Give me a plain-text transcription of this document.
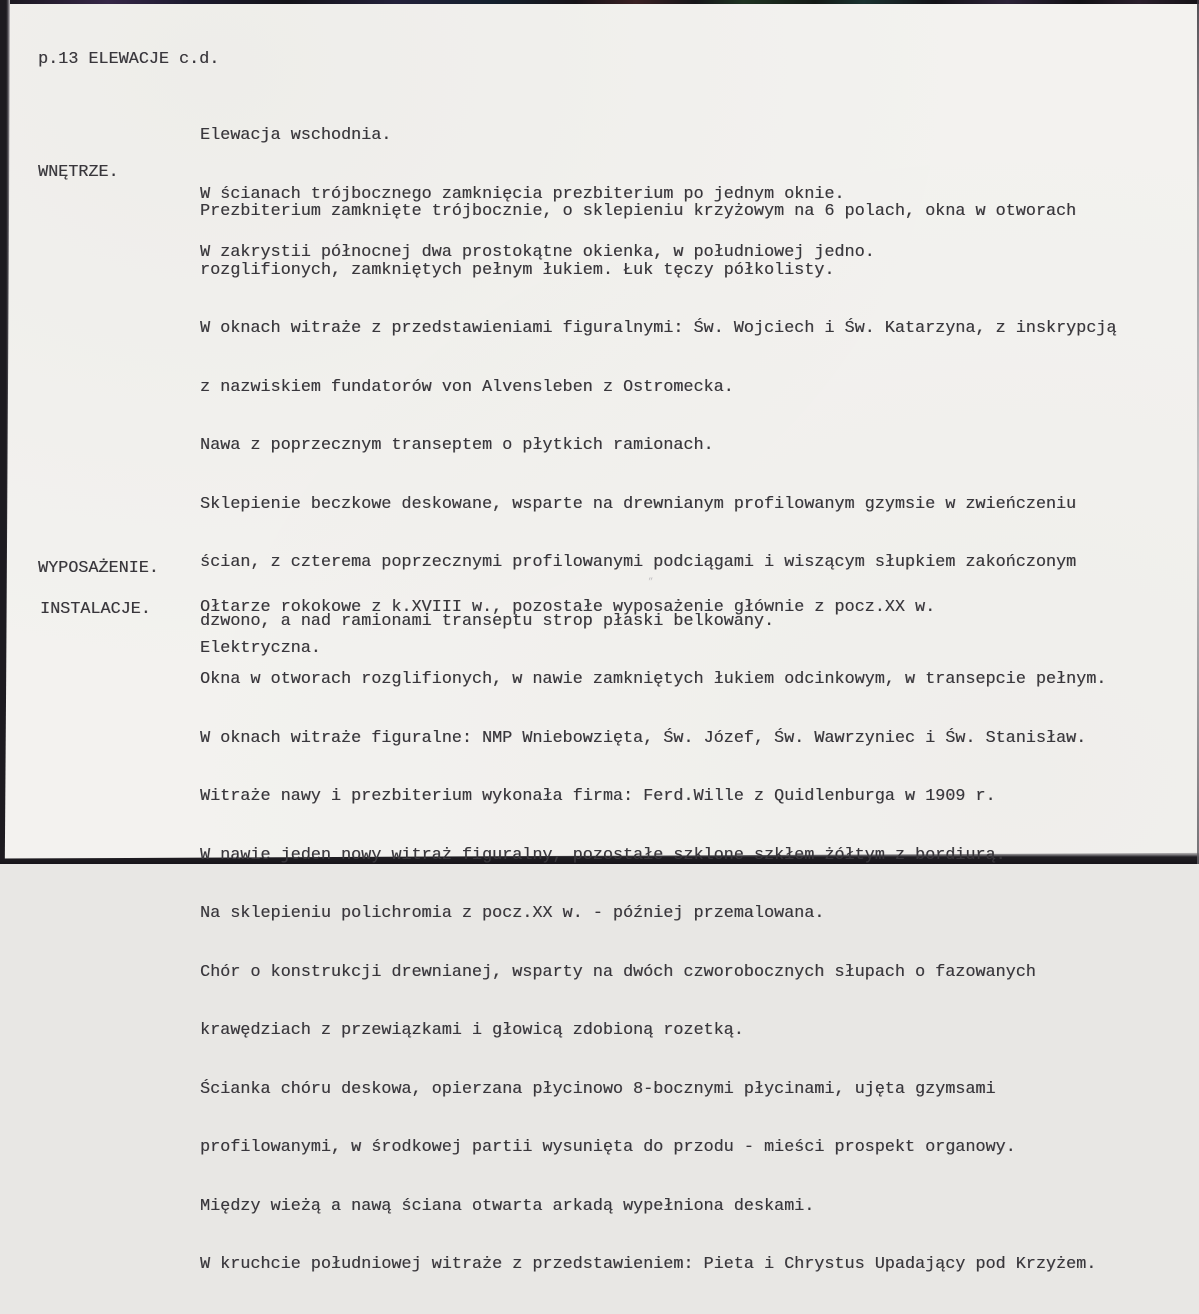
p.13 ELEWACJE c.d.

Elewacja wschodnia.

W ścianach trójbocznego zamknięcia prezbiterium po jednym oknie.

W zakrystii północnej dwa prostokątne okienka, w południowej jedno.

WNĘTRZE.

Prezbiterium zamknięte trójbocznie, o sklepieniu krzyżowym na 6 polach, okna w otworach

rozglifionych, zamkniętych pełnym łukiem. Łuk tęczy półkolisty.

W oknach witraże z przedstawieniami figuralnymi: Św. Wojciech i Św. Katarzyna, z inskrypcją

z nazwiskiem fundatorów von Alvensleben z Ostromecka.

Nawa z poprzecznym transeptem o płytkich ramionach.

Sklepienie beczkowe deskowane, wsparte na drewnianym profilowanym gzymsie w zwieńczeniu

ścian, z czterema poprzecznymi profilowanymi podciągami i wiszącym słupkiem zakończonym

dzwono, a nad ramionami transeptu strop płaski belkowany.

Okna w otworach rozglifionych, w nawie zamkniętych łukiem odcinkowym, w transepcie pełnym.

W oknach witraże figuralne: NMP Wniebowzięta, Św. Józef, Św. Wawrzyniec i Św. Stanisław.

Witraże nawy i prezbiterium wykonała firma: Ferd.Wille z Quidlenburga w 1909 r.

W nawie jeden nowy witraż figuralny, pozostałe szklone szkłem żółtym z bordiurą.

Na sklepieniu polichromia z pocz.XX w. - później przemalowana.

Chór o konstrukcji drewnianej, wsparty na dwóch czworobocznych słupach o fazowanych

krawędziach z przewiązkami i głowicą zdobioną rozetką.

Ścianka chóru deskowa, opierzana płycinowo 8-bocznymi płycinami, ujęta gzymsami

profilowanymi, w środkowej partii wysunięta do przodu - mieści prospekt organowy.

Między wieżą a nawą ściana otwarta arkadą wypełniona deskami.

W kruchcie południowej witraże z przedstawieniem: Pieta i Chrystus Upadający pod Krzyżem.

WYPOSAŻENIE.

Ołtarze rokokowe z k.XVIII w., pozostałe wyposażenie głównie z pocz.XX w.

INSTALACJE.

Elektryczna.

”
